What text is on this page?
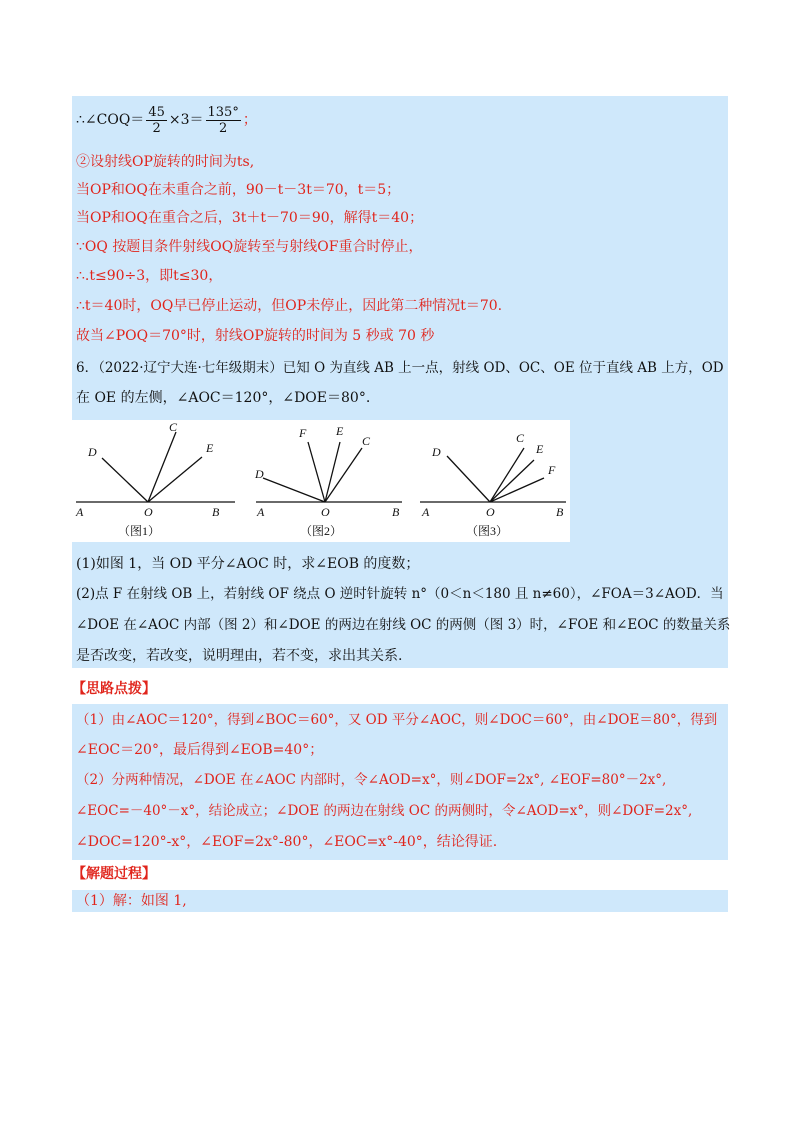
∴∠COQ＝ $\frac{45}{2} \times 3= \frac{135^\circ}{2}$ ；
②设射线OP旋转的时间为ts,
当OP和OQ在未重合之前，90－t－3t＝70，t＝5；
当OP和OQ在重合之后，3t＋t－70＝90，解得t＝40；
∵OQ 按题目条件射线OQ旋转至与射线OF重合时停止，
∴.t≤90÷3，即t≤30，
∴t＝40时，OQ早已停止运动，但OP未停止，因此第二种情况t＝70.
故当∠POQ＝70°时，射线OP旋转的时间为 5 秒或 70 秒
6．（2022·辽宁大连·七年级期末）已知 O 为直线 AB 上一点，射线 OD、OC、OE 位于直线 AB 上方，OD
在 OE 的左侧，∠AOC＝120°，∠DOE＝80°.
D
C
E
A	O	B
（图1）
F E
C
D
A	O	B
（图2）
D
C
E
F
A	O	B
（图3）
(1)如图 1，当 OD 平分∠AOC 时，求∠EOB 的度数；
(2)点 F 在射线 OB 上，若射线 OF 绕点 O 逆时针旋转 n°（0＜n＜180 且 n≠60），∠FOA＝3∠AOD．当
∠DOE 在∠AOC 内部（图 2）和∠DOE 的两边在射线 OC 的两侧（图 3）时，∠FOE 和∠EOC 的数量关系
是否改变，若改变，说明理由，若不变，求出其关系.
【思路点拨】
（1）由∠AOC＝120°，得到∠BOC＝60°，又 OD 平分∠AOC，则∠DOC＝60°，由∠DOE＝80°，得到
∠EOC＝20°，最后得到∠EOB=40°；
（2）分两种情况，∠DOE 在∠AOC 内部时，令∠AOD=x°，则∠DOF=2x°, ∠EOF=80°－2x°,
∠EOC=－40°－x°，结论成立；∠DOE 的两边在射线 OC 的两侧时，令∠AOD=x°，则∠DOF=2x°,
∠DOC=120°-x°，∠EOF=2x°-80°，∠EOC=x°-40°，结论得证.
【解题过程】
（1）解：如图 1,
